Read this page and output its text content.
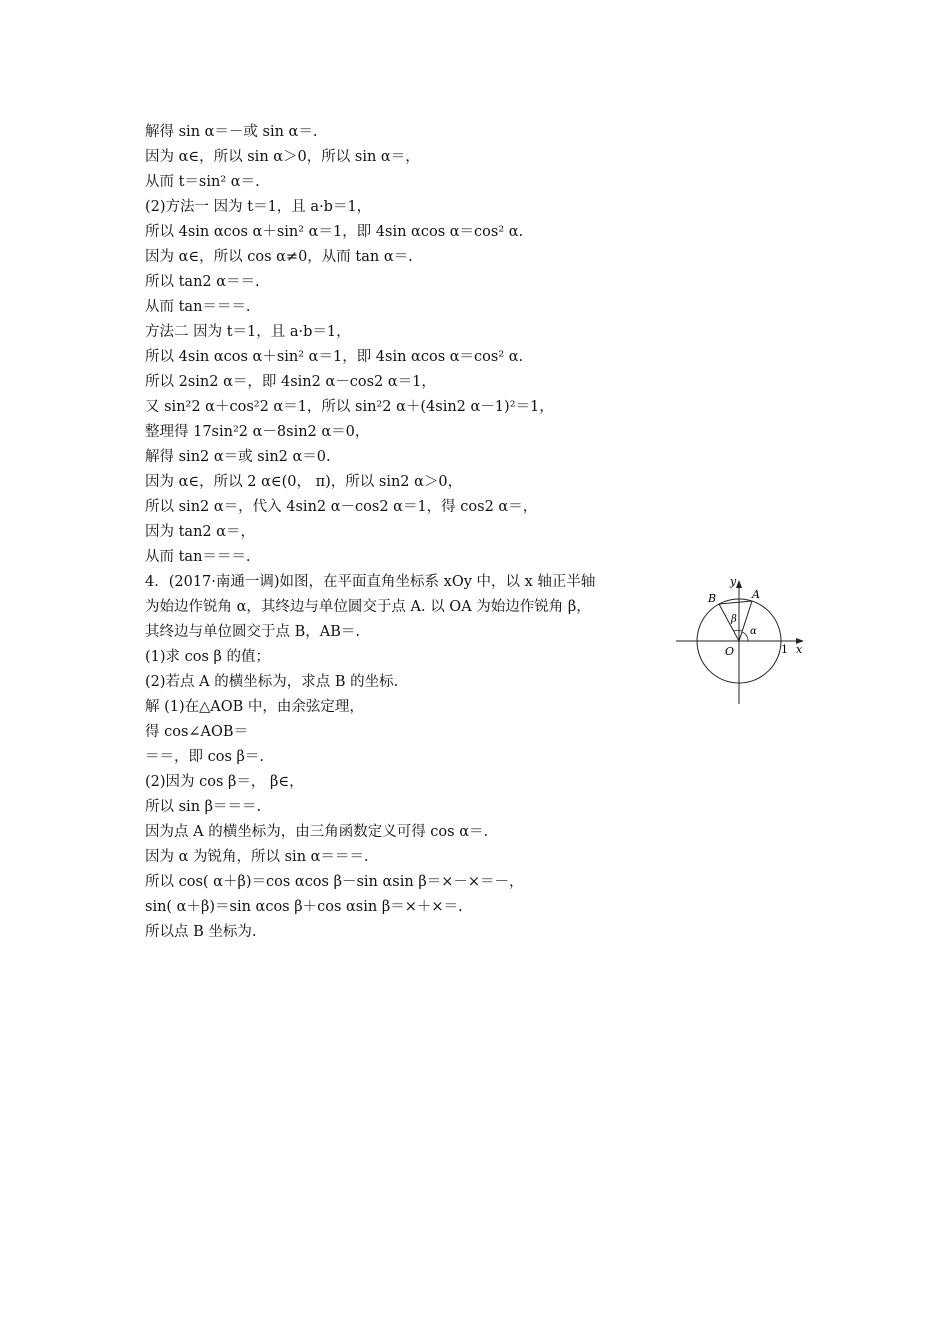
解得 sin α＝－或 sin α＝.
因为 α∈，所以 sin α＞0，所以 sin α＝，
从而 t＝sin² α＝.
(2)方法一 因为 t＝1，且 a·b＝1，
所以 4sin αcos α＋sin² α＝1，即 4sin αcos α＝cos² α.
因为 α∈，所以 cos α≠0，从而 tan α＝.
所以 tan2 α＝＝.
从而 tan＝＝＝.
方法二 因为 t＝1，且 a·b＝1，
所以 4sin αcos α＋sin² α＝1，即 4sin αcos α＝cos² α.
所以 2sin2 α＝，即 4sin2 α－cos2 α＝1，
又 sin²2 α＋cos²2 α＝1，所以 sin²2 α＋(4sin2 α－1)²＝1，
整理得 17sin²2 α－8sin2 α＝0，
解得 sin2 α＝或 sin2 α＝0.
因为 α∈，所以 2 α∈(0， π)，所以 sin2 α＞0，
所以 sin2 α＝，代入 4sin2 α－cos2 α＝1，得 cos2 α＝，
因为 tan2 α＝，
从而 tan＝＝＝.
4．(2017·南通一调)如图，在平面直角坐标系 xOy 中，以 x 轴正半轴
为始边作锐角 α，其终边与单位圆交于点 A. 以 OA 为始边作锐角 β，
其终边与单位圆交于点 B，AB＝.
(1)求 cos β 的值；
(2)若点 A 的横坐标为，求点 B 的坐标.
解 (1)在△AOB 中，由余弦定理，
得 cos∠AOB＝
＝＝，即 cos β＝.
(2)因为 cos β＝， β∈，
所以 sin β＝＝＝.
因为点 A 的横坐标为，由三角函数定义可得 cos α＝.
因为 α 为锐角，所以 sin α＝＝＝.
所以 cos( α＋β)＝cos αcos β－sin αsin β＝×－×＝－，
sin( α＋β)＝sin αcos β＋cos αsin β＝×＋×＝.
所以点 B 坐标为.
y
x
O	1
A
B
α
β
